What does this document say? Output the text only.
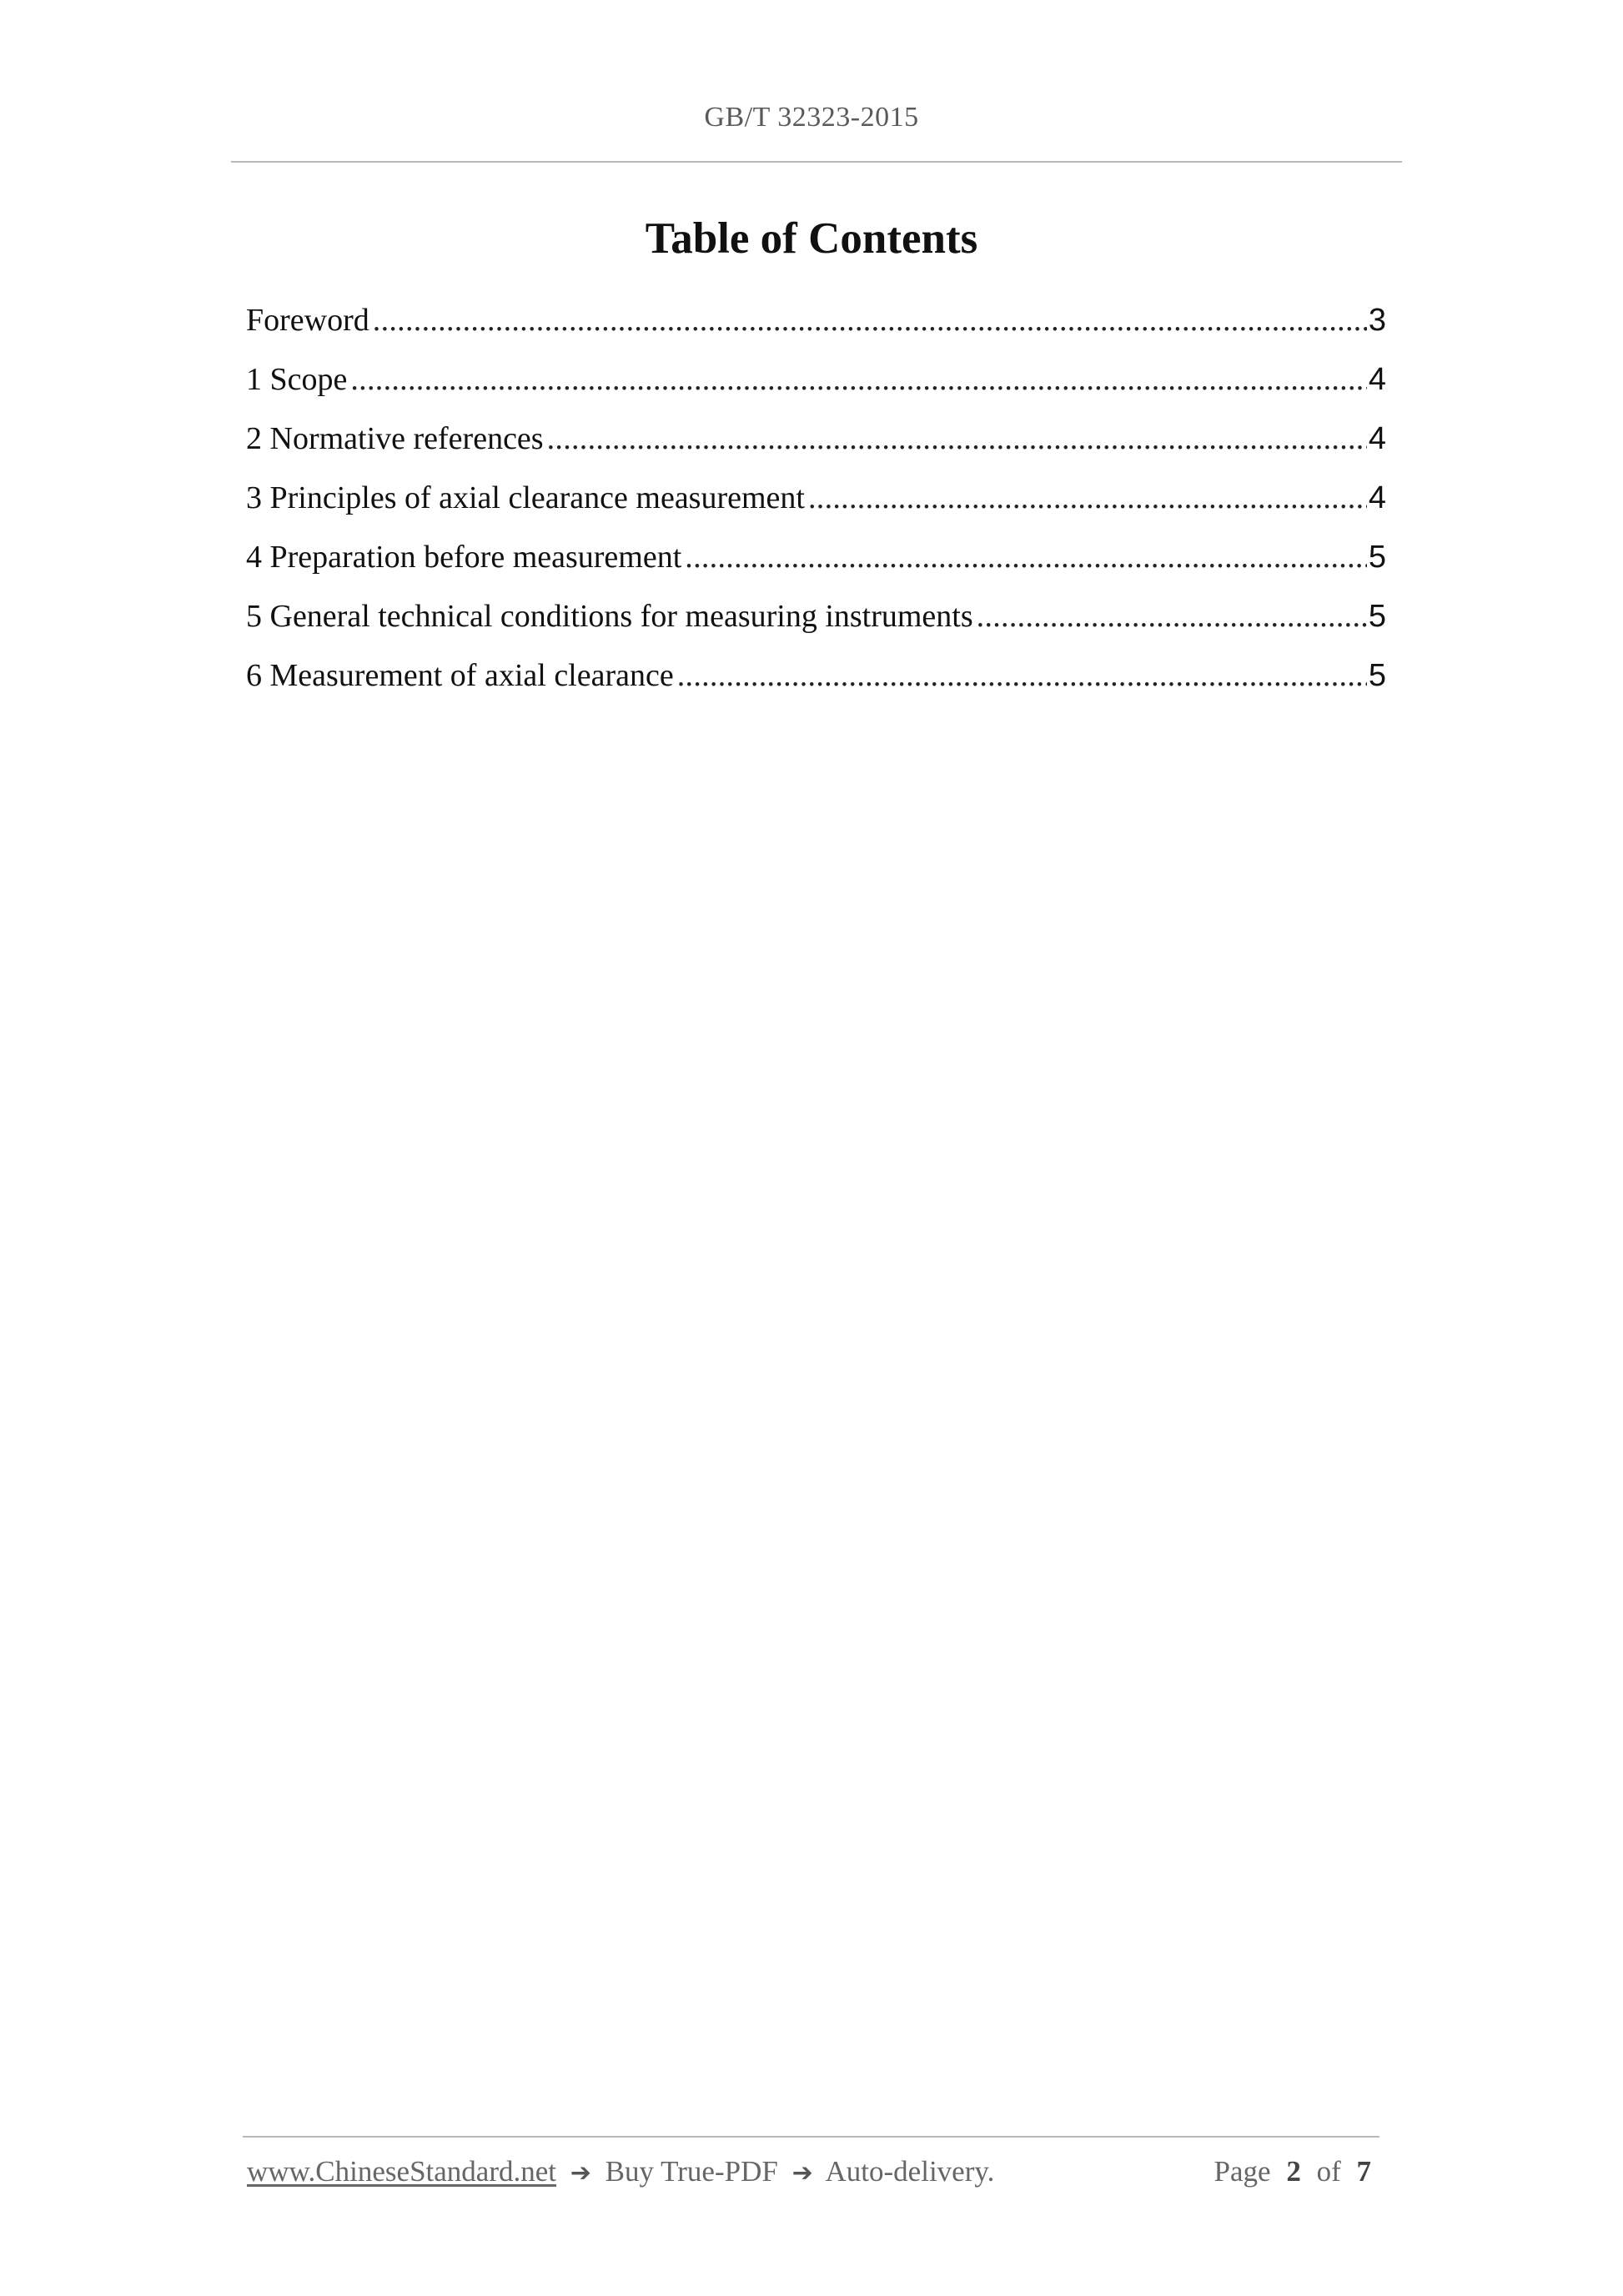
GB/T 32323-2015
Table of Contents
Foreword .....	3
1 Scope .....	4
2 Normative references .....	4
3 Principles of axial clearance measurement .....	4
4 Preparation before measurement .....	5
5 General technical conditions for measuring instruments .....	5
6 Measurement of axial clearance .....	5
www.ChineseStandard.net ➔ Buy True-PDF ➔ Auto-delivery.	Page 2 of 7
